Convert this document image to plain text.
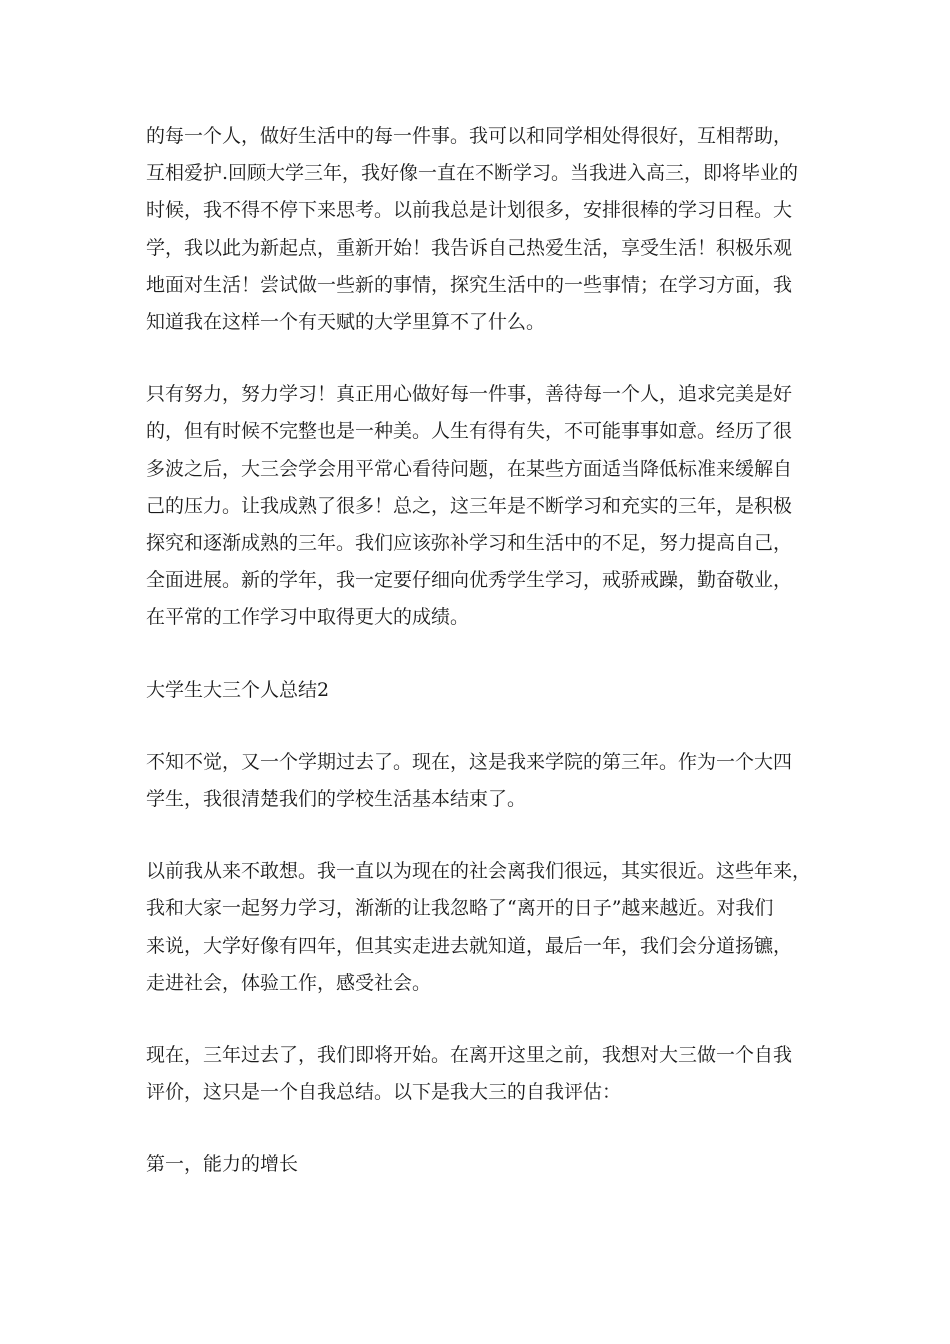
的每一个人，做好生活中的每一件事。我可以和同学相处得很好，互相帮助，
互相爱护.回顾大学三年，我好像一直在不断学习。当我进入高三，即将毕业的
时候，我不得不停下来思考。以前我总是计划很多，安排很棒的学习日程。大
学，我以此为新起点，重新开始！我告诉自己热爱生活，享受生活！积极乐观
地面对生活！尝试做一些新的事情，探究生活中的一些事情；在学习方面，我
知道我在这样一个有天赋的大学里算不了什么。

只有努力，努力学习！真正用心做好每一件事，善待每一个人，追求完美是好
的，但有时候不完整也是一种美。人生有得有失，不可能事事如意。经历了很
多波之后，大三会学会用平常心看待问题，在某些方面适当降低标准来缓解自
己的压力。让我成熟了很多！总之，这三年是不断学习和充实的三年，是积极
探究和逐渐成熟的三年。我们应该弥补学习和生活中的不足，努力提高自己，
全面进展。新的学年，我一定要仔细向优秀学生学习，戒骄戒躁，勤奋敬业，
在平常的工作学习中取得更大的成绩。

大学生大三个人总结2

不知不觉，又一个学期过去了。现在，这是我来学院的第三年。作为一个大四
学生，我很清楚我们的学校生活基本结束了。

以前我从来不敢想。我一直以为现在的社会离我们很远，其实很近。这些年来，
我和大家一起努力学习，渐渐的让我忽略了“离开的日子”越来越近。对我们
来说，大学好像有四年，但其实走进去就知道，最后一年，我们会分道扬镳，
走进社会，体验工作，感受社会。

现在，三年过去了，我们即将开始。在离开这里之前，我想对大三做一个自我
评价，这只是一个自我总结。以下是我大三的自我评估：

第一，能力的增长
